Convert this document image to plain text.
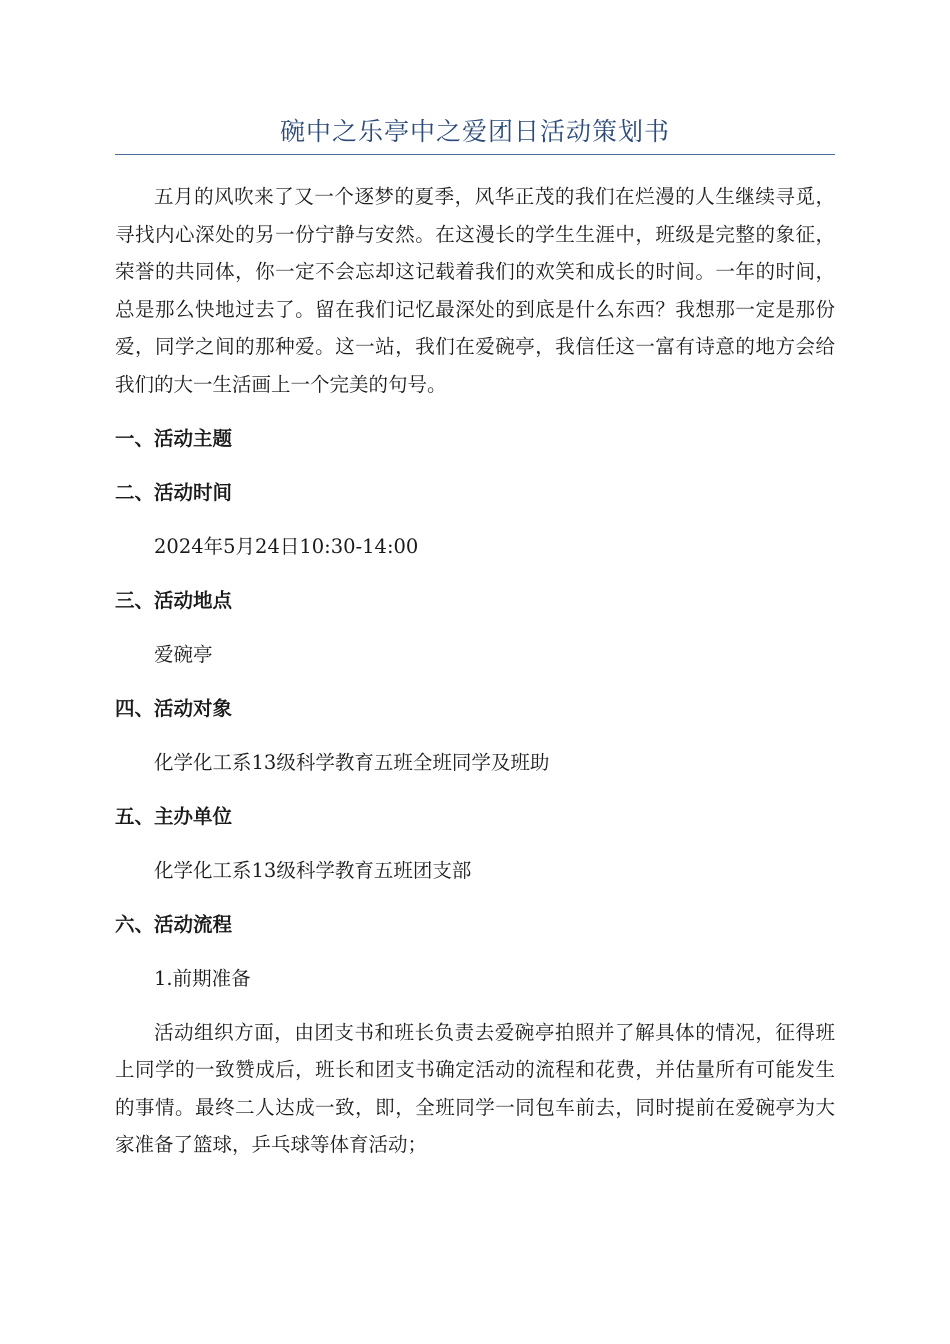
碗中之乐亭中之爱团日活动策划书

五月的风吹来了又一个逐梦的夏季，风华正茂的我们在烂漫的人生继续寻觅，寻找内心深处的另一份宁静与安然。在这漫长的学生生涯中，班级是完整的象征，荣誉的共同体，你一定不会忘却这记载着我们的欢笑和成长的时间。一年的时间，总是那么快地过去了。留在我们记忆最深处的到底是什么东西？我想那一定是那份爱，同学之间的那种爱。这一站，我们在爱碗亭，我信任这一富有诗意的地方会给我们的大一生活画上一个完美的句号。

一、活动主题
二、活动时间

2024年5月24日10:30-14:00

三、活动地点

爱碗亭

四、活动对象

化学化工系13级科学教育五班全班同学及班助

五、主办单位

化学化工系13级科学教育五班团支部

六、活动流程

1.前期准备

活动组织方面，由团支书和班长负责去爱碗亭拍照并了解具体的情况，征得班上同学的一致赞成后，班长和团支书确定活动的流程和花费，并估量所有可能发生的事情。最终二人达成一致，即，全班同学一同包车前去，同时提前在爱碗亭为大家准备了篮球，乒乓球等体育活动；
